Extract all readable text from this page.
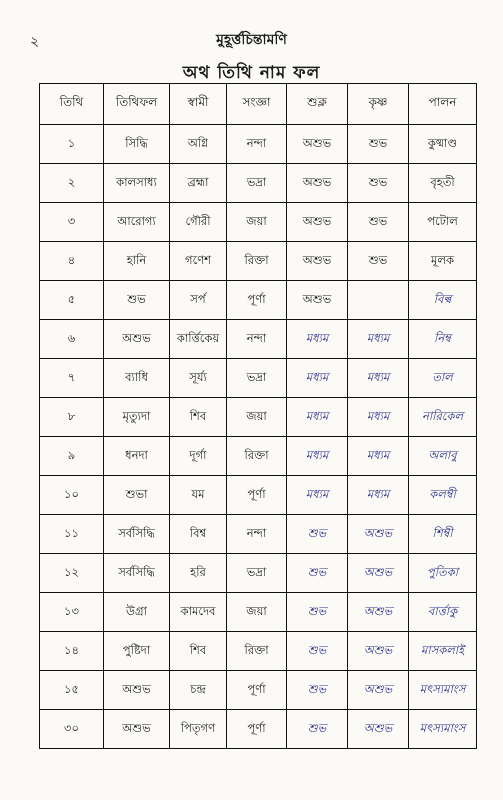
২	মুহূর্ত্তচিন্তামণি
অথ তিথি নাম ফল
তিথি	তিথিফল	স্বামী	সংজ্ঞা	শুক্ল	কৃষ্ণ	পালন
১	সিদ্ধি	অগ্নি	নন্দা	অশুভ	শুভ	কুষ্মাণ্ড
২	কালসাধ্য	ব্রহ্মা	ভদ্রা	অশুভ	শুভ	বৃহতী
৩	আরোগ্য	গৌরী	জয়া	অশুভ	শুভ	পটোল
৪	হানি	গণেশ	রিক্তা	অশুভ	শুভ	মূলক
৫	শুভ	সর্প	পূর্ণা	অশুভ		বিল্ব
৬	অশুভ	কার্ত্তিকেয়	নন্দা	মধ্যম	মধ্যম	নিম্ব
৭	ব্যাধি	সূর্য্য	ভদ্রা	মধ্যম	মধ্যম	তাল
৮	মৃত্যুদা	শিব	জয়া	মধ্যম	মধ্যম	নারিকেল
৯	ধনদা	দূর্গা	রিক্তা	মধ্যম	মধ্যম	অলাবু
১০	শুভা	যম	পূর্ণা	মধ্যম	মধ্যম	কলম্বী
১১	সর্বসিদ্ধি	বিশ্ব	নন্দা	শুভ	অশুভ	শিম্বী
১২	সর্বসিদ্ধি	হরি	ভদ্রা	শুভ	অশুভ	পুতিকা
১৩	উগ্রা	কামদেব	জয়া	শুভ	অশুভ	বার্ত্তাকু
১৪	পুষ্টিদা	শিব	রিক্তা	শুভ	অশুভ	মাসকলাই
১৫	অশুভ	চন্দ্র	পূর্ণা	শুভ	অশুভ	মৎস্যমাংস
৩০	অশুভ	পিতৃগণ	পূর্ণা	শুভ	অশুভ	মৎস্যমাংস
